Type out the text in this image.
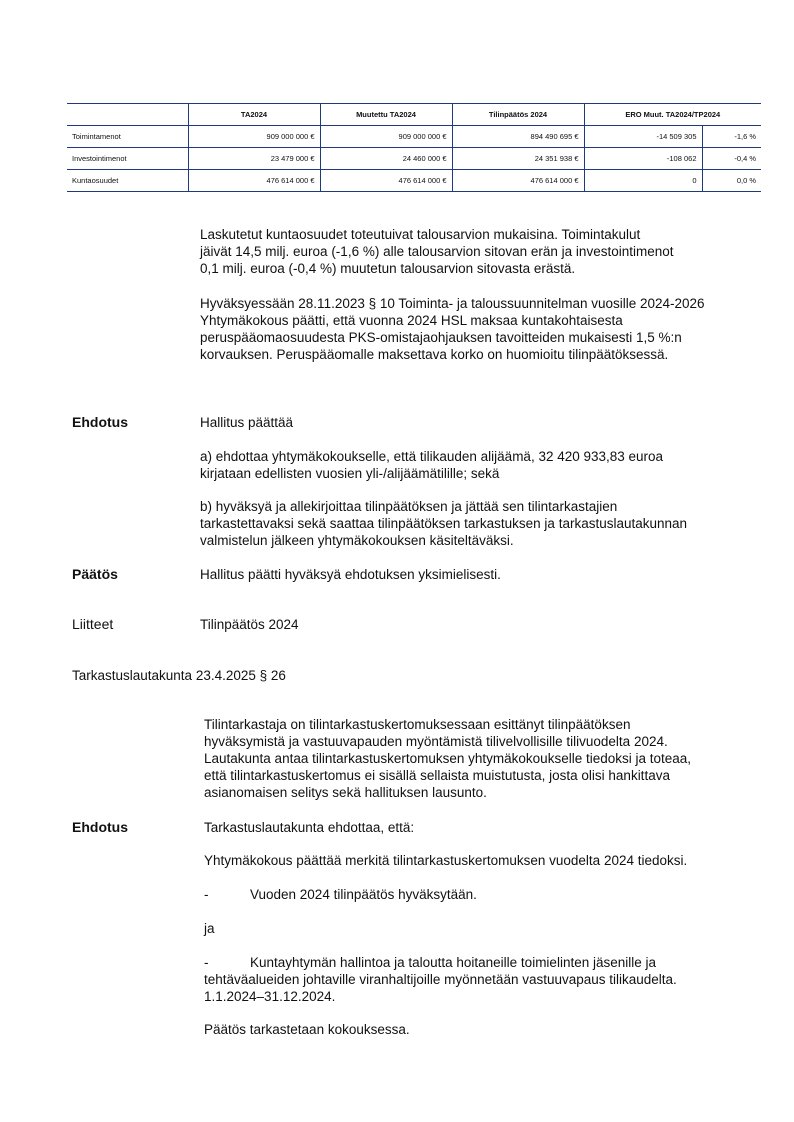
	TA2024	Muutettu TA2024	Tilinpäätös 2024	ERO Muut. TA2024/TP2024	
Toimintamenot	909 000 000 €	909 000 000 €	894 490 695 €	-14 509 305	-1,6 %
Investointimenot	23 479 000 €	24 460 000 €	24 351 938 €	-108 062	-0,4 %
Kuntaosuudet	476 614 000 €	476 614 000 €	476 614 000 €	0	0,0 %
Laskutetut kuntaosuudet toteutuivat talousarvion mukaisina. Toimintakulut
jäivät 14,5 milj. euroa (-1,6 %) alle talousarvion sitovan erän ja investointimenot
0,1 milj. euroa (-0,4 %) muutetun talousarvion sitovasta erästä.
Hyväksyessään 28.11.2023 § 10 Toiminta- ja taloussuunnitelman vuosille 2024-2026
Yhtymäkokous päätti, että vuonna 2024 HSL maksaa kuntakohtaisesta
peruspääomaosuudesta PKS-omistajaohjauksen tavoitteiden mukaisesti 1,5 %:n
korvauksen. Peruspääomalle maksettava korko on huomioitu tilinpäätöksessä.
Ehdotus	Hallitus päättää
a) ehdottaa yhtymäkokoukselle, että tilikauden alijäämä, 32 420 933,83 euroa
kirjataan edellisten vuosien yli-/alijäämätilille; sekä
b) hyväksyä ja allekirjoittaa tilinpäätöksen ja jättää sen tilintarkastajien
tarkastettavaksi sekä saattaa tilinpäätöksen tarkastuksen ja tarkastuslautakunnan
valmistelun jälkeen yhtymäkokouksen käsiteltäväksi.
Päätös	Hallitus päätti hyväksyä ehdotuksen yksimielisesti.
Liitteet	Tilinpäätös 2024
Tarkastuslautakunta 23.4.2025 § 26
Tilintarkastaja on tilintarkastuskertomuksessaan esittänyt tilinpäätöksen
hyväksymistä ja vastuuvapauden myöntämistä tilivelvollisille tilivuodelta 2024.
Lautakunta antaa tilintarkastuskertomuksen yhtymäkokoukselle tiedoksi ja toteaa,
että tilintarkastuskertomus ei sisällä sellaista muistutusta, josta olisi hankittava
asianomaisen selitys sekä hallituksen lausunto.
Ehdotus	Tarkastuslautakunta ehdottaa, että:
Yhtymäkokous päättää merkitä tilintarkastuskertomuksen vuodelta 2024 tiedoksi.
-	Vuoden 2024 tilinpäätös hyväksytään.
ja
-	Kuntayhtymän hallintoa ja taloutta hoitaneille toimielinten jäsenille ja
tehtäväalueiden johtaville viranhaltijoille myönnetään vastuuvapaus tilikaudelta.
1.1.2024–31.12.2024.
Päätös tarkastetaan kokouksessa.
